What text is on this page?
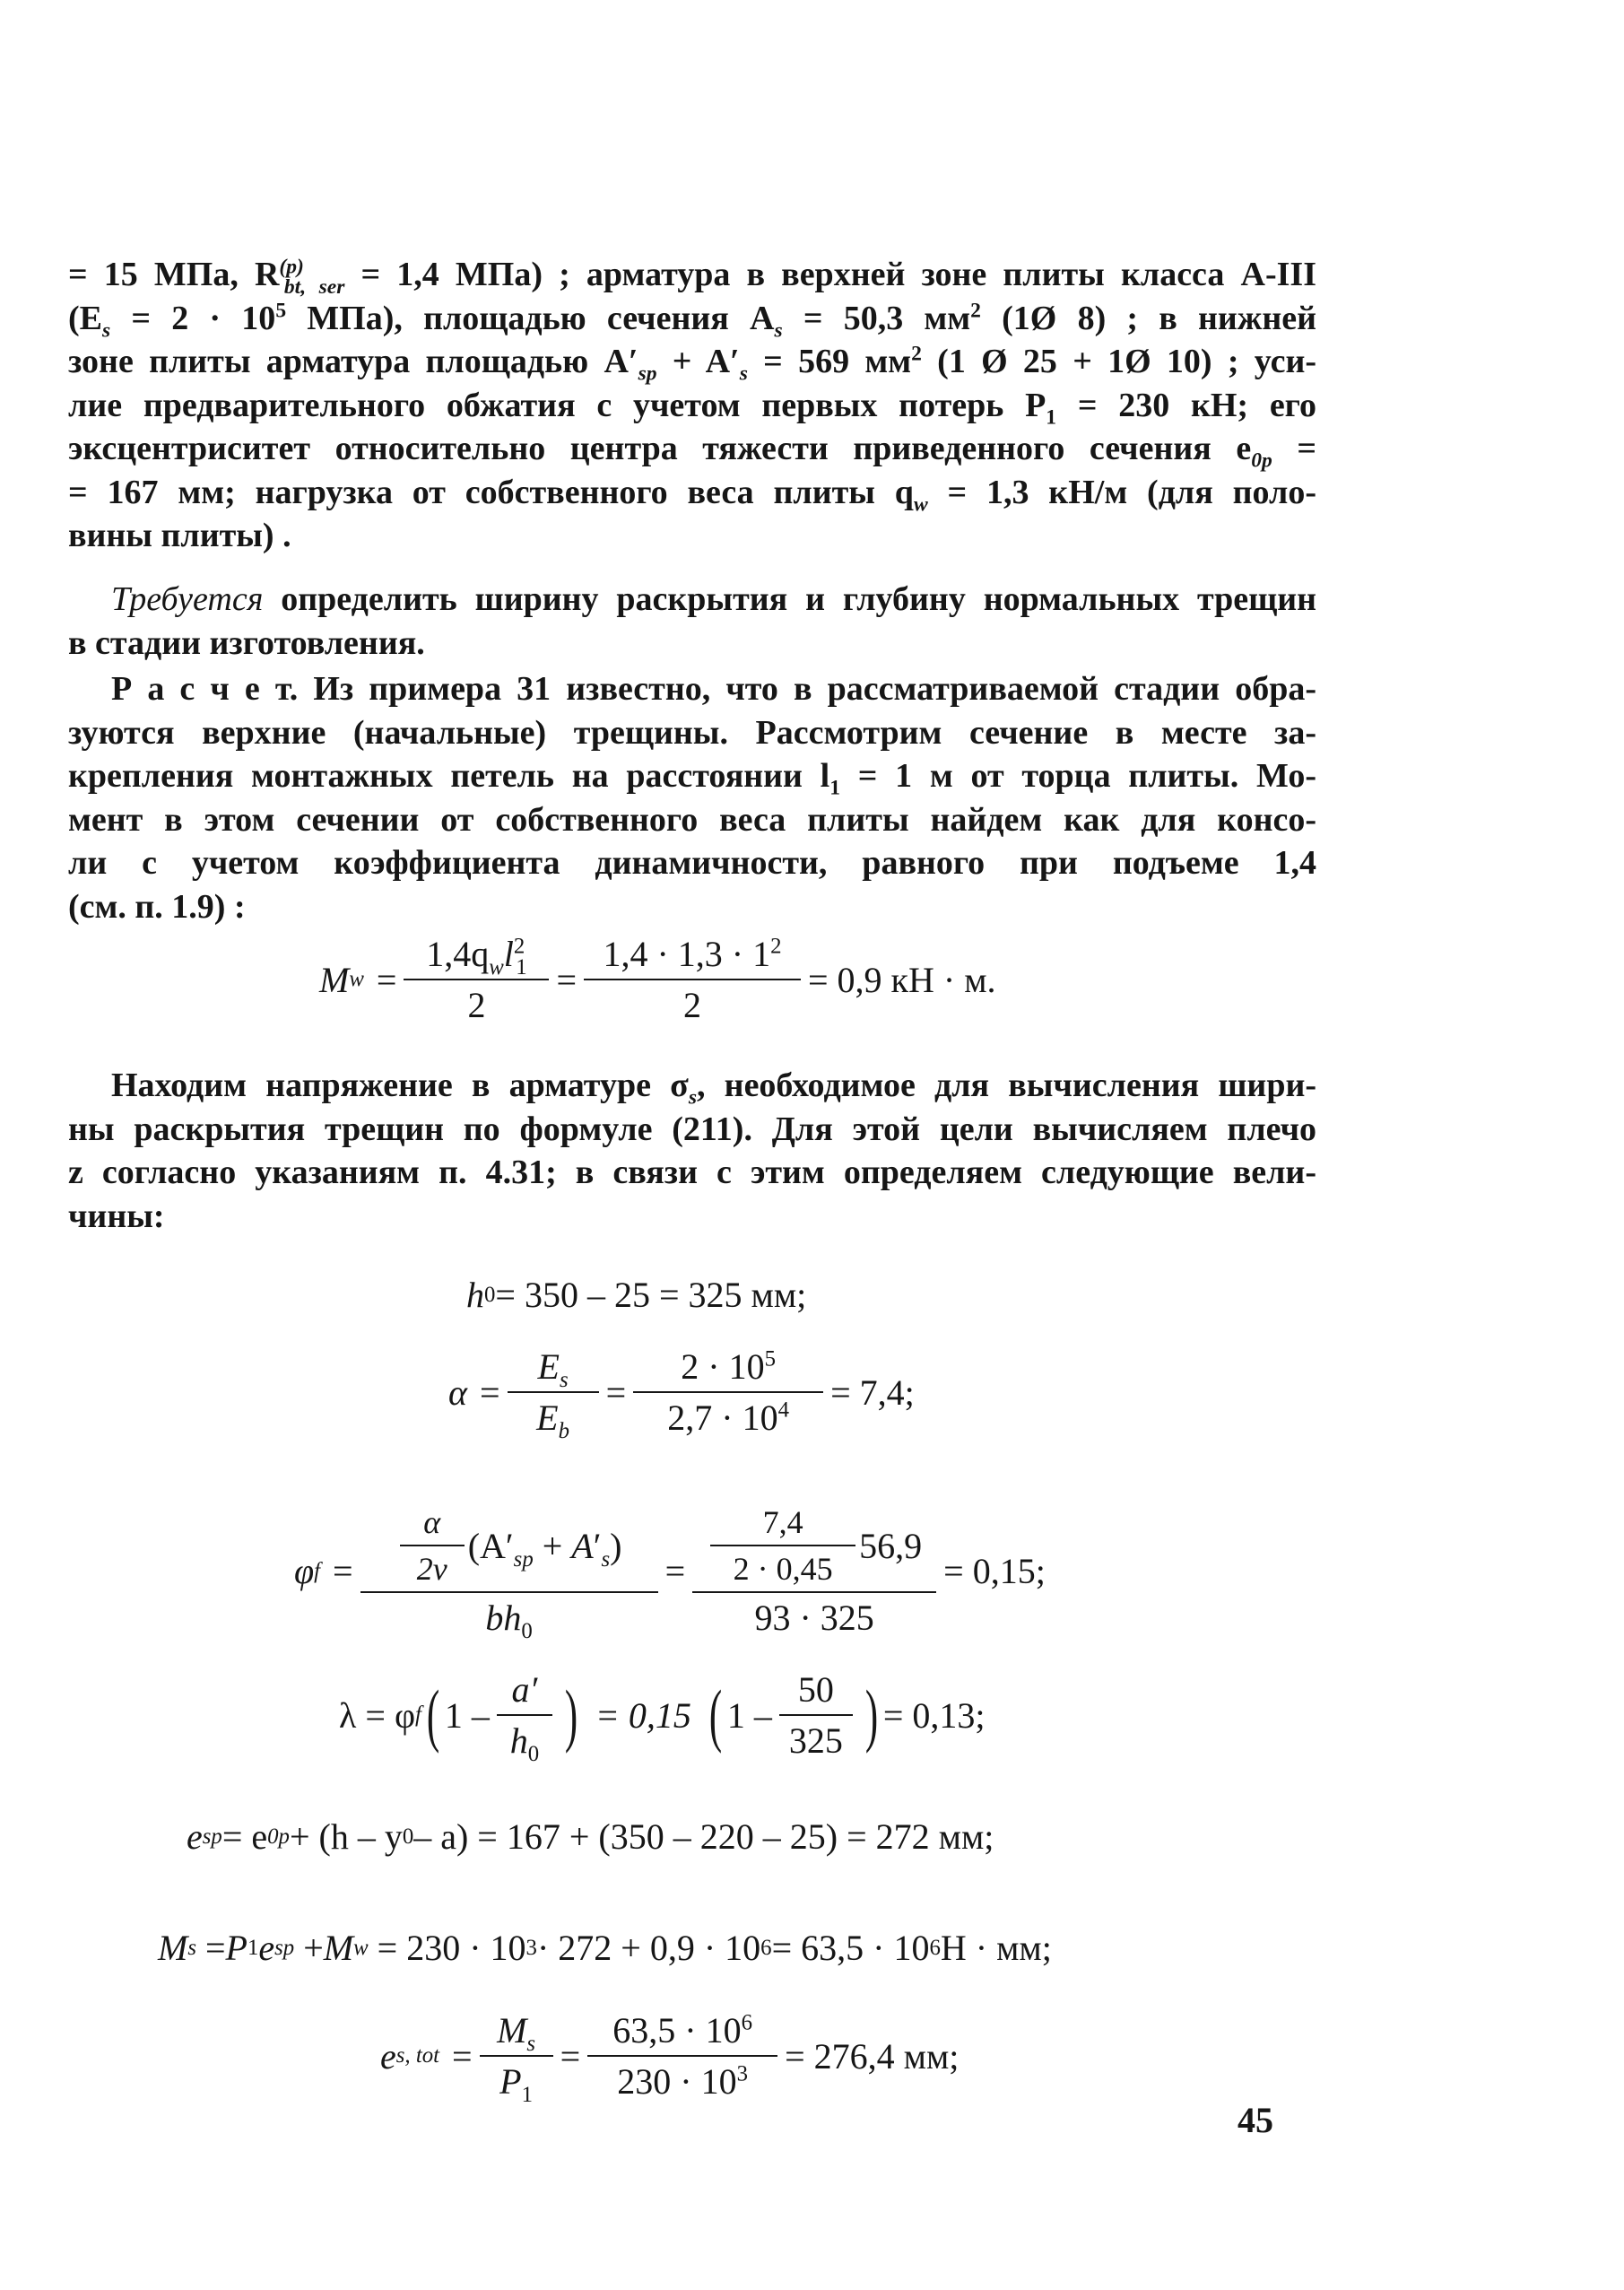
= 15 МПа, $R^{(p)}_{bt, ser} = 1,4$ МПа) ; арматура в верхней зоне плиты класса А-III
($E_s = 2 \cdot 10^5$ МПа), площадью сечения $A_s = 50,3$ $мм^2$ (1Ø 8) ; в нижней
зоне плиты арматура площадью $A'_{sp} + A'_s = 569$ $мм^2$ (1 Ø 25 + 1Ø 10) ; уси-
лие предварительного обжатия с учетом первых потерь $P_1 = 230$ кН; его
эксцентриситет относительно центра тяжести приведенного сечения $e_{0p}$ =
= 167 мм; нагрузка от собственного веса плиты $q_w = 1,3$ кН/м (для поло-
вины плиты) .
Требуется определить ширину раскрытия и глубину нормальных трещин
в стадии изготовления.
Р а с ч е т. Из примера 31 известно, что в рассматриваемой стадии обра-
зуются верхние (начальные) трещины. Рассмотрим сечение в месте за-
крепления монтажных петель на расстоянии $l_1 = 1$ м от торца плиты. Мо-
мент в этом сечении от собственного веса плиты найдем как для консо-
ли с учетом коэффициента динамичности, равного при подъеме 1,4
(см. п. 1.9) :
M $w = \frac{1,4q_wl^2_1}{2} = \frac{1,4 \cdot 1,3 \cdot 1^2}{2} = 0,9$ кН · м.
Находим напряжение в арматуре $\sigma_s$, необходимое для вычисления шири-
ны раскрытия трещин по формуле (211). Для этой цели вычисляем плечо
z согласно указаниям п. 4.31; в связи с этим определяем следующие вели-
чины:
h 0 = 350 – 25 = 325 мм;
$\alpha = \frac{E_s}{E_b} = \frac{2 \cdot 10^5}{2,7 \cdot 10^4} = 7,4$;
φ $f = \frac{\frac{\alpha}{2\nu} (A'_{sp} + A'_s)}{bh_0} = \frac{\frac{7,4}{2 \cdot 0,45} 56,9}{93 \cdot 325} = 0,15$;
λ = φ f ( $1 - \frac{a'}{h_0}$ ) = 0,15 ( $1 - \frac{50}{325}$ ) = 0,13;
e sp = e 0p + (h – y 0 – a) = 167 + (350 – 220 – 25) = 272 мм;
M s = P 1 e sp + M w
= 230 · 10 3 · 272 + 0,9 · 10 6 = 63,5 · 10 6 Н · мм;
e s, tot = $\frac{M_s}{P_1} = \frac{63,5 \cdot 10^6}{230 \cdot 10^3} = 276,4$ мм;
45
